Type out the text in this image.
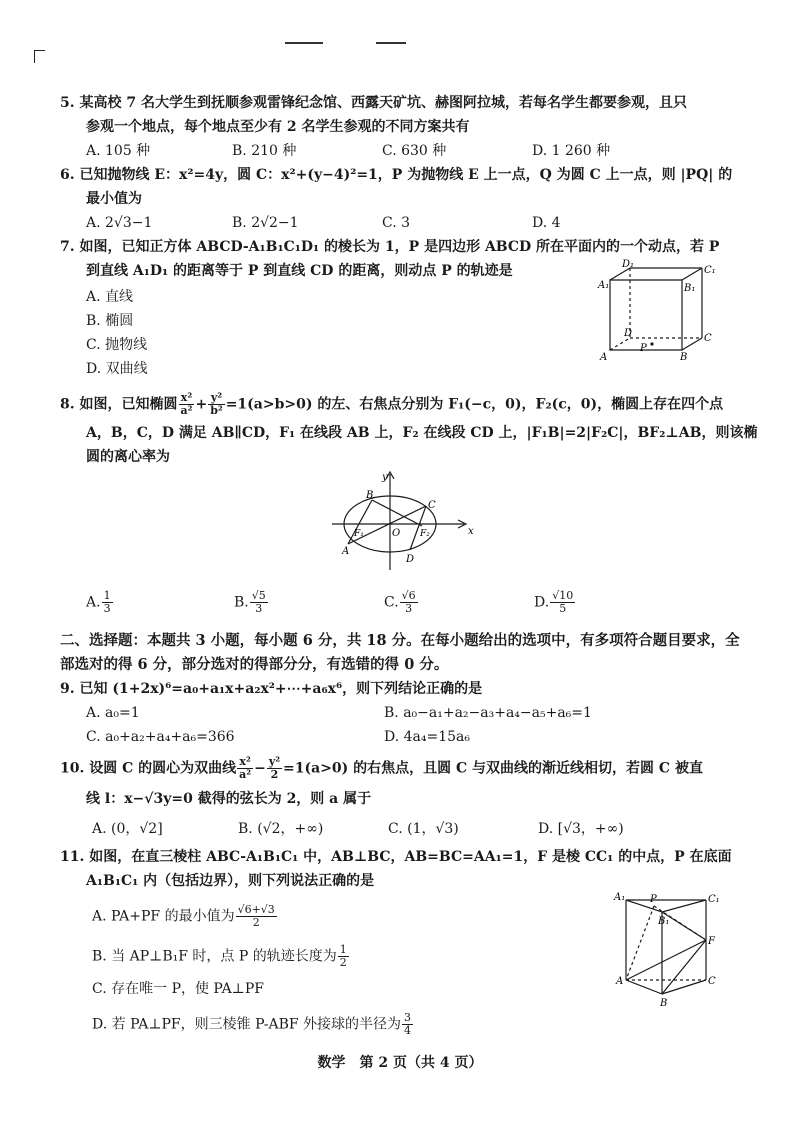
5. 某高校 7 名大学生到抚顺参观雷锋纪念馆、西露天矿坑、赫图阿拉城，若每名学生都要参观，且只
参观一个地点，每个地点至少有 2 名学生参观的不同方案共有
A. 105 种	B. 210 种	C. 630 种	D. 1 260 种
6. 已知抛物线 E：x²=4y，圆 C：x²+(y−4)²=1，P 为抛物线 E 上一点，Q 为圆 C 上一点，则 |PQ| 的
最小值为
A. 2√3−1	B. 2√2−1	C. 3	D. 4
7. 如图，已知正方体 ABCD-A₁B₁C₁D₁ 的棱长为 1，P 是四边形 ABCD 所在平面内的一个动点，若 P
到直线 A₁D₁ 的距离等于 P 到直线 CD 的距离，则动点 P 的轨迹是
A. 直线
B. 椭圆
C. 抛物线
D. 双曲线
D₁
C₁
A₁	B₁
D	C
A	B
P
8. 如图，已知椭圆 $\frac{\text{x²}}{\text{a²}} + \frac{\text{y²}}{\text{b²}} =1(a>b>0)$ 的左、右焦点分别为 F₁(−c，0)，F₂(c，0)，椭圆上存在四个点
A，B，C，D 满足 AB∥CD，F₁ 在线段 AB 上，F₂ 在线段 CD 上，|F₁B|=2|F₂C|，BF₂⊥AB，则该椭
圆的离心率为
y
x
B
C
O
F₁	F₂
A
D
A. $\frac{1}{3}$	B. $\frac{√5}{3}$	C. $\frac{√6}{3}$	D. $\frac{√10}{5}$
二、选择题：本题共 3 小题，每小题 6 分，共 18 分。在每小题给出的选项中，有多项符合题目要求，全
部选对的得 6 分，部分选对的得部分分，有选错的得 0 分。
9. 已知 (1+2x)⁶=a₀+a₁x+a₂x²+⋯+a₆x⁶，则下列结论正确的是
A. a₀=1	B. a₀−a₁+a₂−a₃+a₄−a₅+a₆=1
C. a₀+a₂+a₄+a₆=366	D. 4a₄=15a₆
10. 设圆 C 的圆心为双曲线 $\frac{\text{x²}}{\text{a²}} - \frac{\text{y²}}{2} =1(a>0)$ 的右焦点，且圆 C 与双曲线的渐近线相切，若圆 C 被直
线 l：x−√3y=0 截得的弦长为 2，则 a 属于
A. (0，√2]	B. (√2，+∞)	C. (1，√3)	D. [√3，+∞)
11. 如图，在直三棱柱 ABC-A₁B₁C₁ 中，AB⊥BC，AB=BC=AA₁=1，F 是棱 CC₁ 的中点，P 在底面
A₁B₁C₁ 内（包括边界），则下列说法正确的是
A. PA+PF 的最小值为 $\frac{√6+√3}{2}$
B. 当 AP⊥B₁F 时，点 P 的轨迹长度为 $\frac{1}{2}$
C. 存在唯一 P，使 PA⊥PF
D. 若 PA⊥PF，则三棱锥 P-ABF 外接球的半径为 $\frac{3}{4}$
A₁ P	C₁
B₁
F
A	C
B
数学　第 2 页（共 4 页）
